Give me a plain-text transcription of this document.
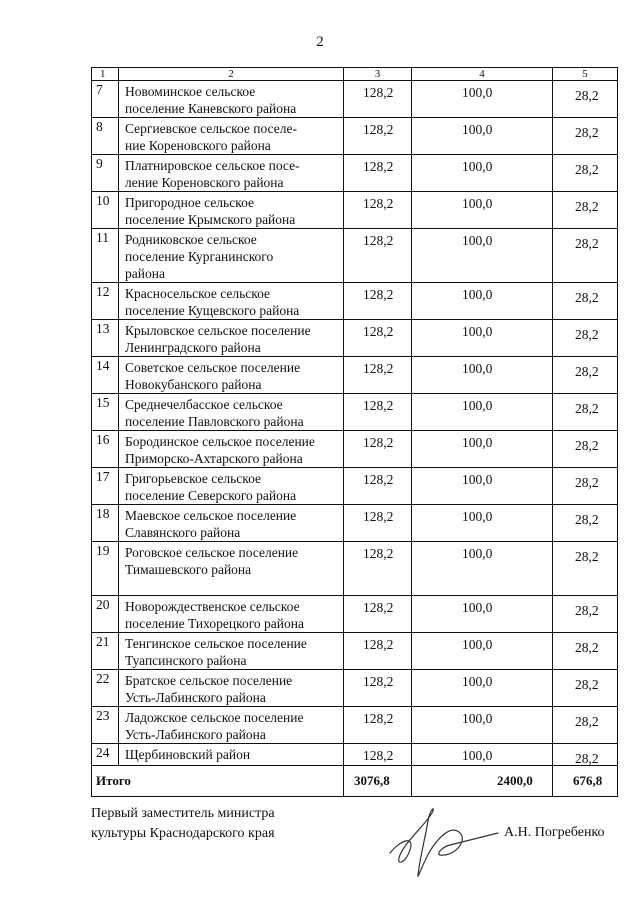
2
1	2	3	4	5
7	Новоминское сельское
поселение Каневского района	128,2	100,0	28,2
8	Сергиевское сельское поселе-
ние Кореновского района	128,2	100,0	28,2
9	Платнировское сельское посе-
ление Кореновского района	128,2	100,0	28,2
10	Пригородное сельское
поселение Крымского района	128,2	100,0	28,2
11	Родниковское сельское
поселение Курганинского
района	128,2	100,0	28,2
12	Красносельское сельское
поселение Кущевского района	128,2	100,0	28,2
13	Крыловское сельское поселение
Ленинградского района	128,2	100,0	28,2
14	Советское сельское поселение
Новокубанского района	128,2	100,0	28,2
15	Среднечелбасское сельское
поселение Павловского района	128,2	100,0	28,2
16	Бородинское сельское поселение
Приморско-Ахтарского района	128,2	100,0	28,2
17	Григорьевское сельское
поселение Северского района	128,2	100,0	28,2
18	Маевское сельское поселение
Славянского района	128,2	100,0	28,2
19	Роговское сельское поселение
Тимашевского района	128,2	100,0	28,2
20	Новорождественское сельское
поселение Тихорецкого района	128,2	100,0	28,2
21	Тенгинское сельское поселение
Туапсинского района	128,2	100,0	28,2
22	Братское сельское поселение
Усть-Лабинского района	128,2	100,0	28,2
23	Ладожское сельское поселение
Усть-Лабинского района	128,2	100,0	28,2
24	Щербиновский район	128,2	100,0	28,2
Итого		3076,8	2400,0	676,8
Первый заместитель министра
культуры Краснодарского края	А.Н. Погребенко
